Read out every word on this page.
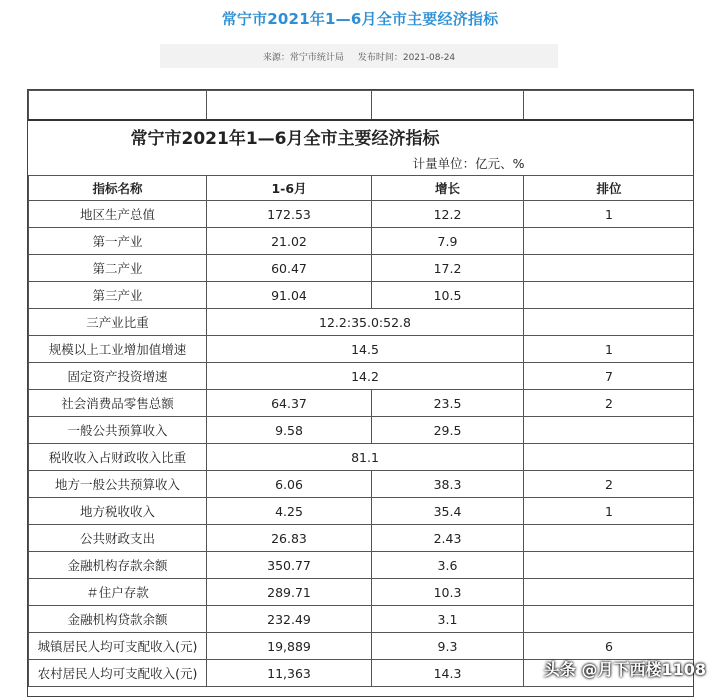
常宁市2021年1—6月全市主要经济指标
来源：常宁市统计局 发布时间：2021-08-24

常宁市2021年1—6月全市主要经济指标			
计量单位：亿元、%			
指标名称	1-6月	增长	排位
地区生产总值	172.53	12.2	1
第一产业	21.02	7.9	
第二产业	60.47	17.2	
第三产业	91.04	10.5	
三产业比重	12.2:35.0:52.8		
规模以上工业增加值增速	14.5		1
固定资产投资增速	14.2		7
社会消费品零售总额	64.37	23.5	2
一般公共预算收入	9.58	29.5	
税收收入占财政收入比重	81.1		
地方一般公共预算收入	6.06	38.3	2
地方税收收入	4.25	35.4	1
公共财政支出	26.83	2.43	
金融机构存款余额	350.77	3.6	
＃住户存款	289.71	10.3	
金融机构贷款余额	232.49	3.1	
城镇居民人均可支配收入(元)	19,889	9.3	6
农村居民人均可支配收入(元)	11,363	14.3		头条 @月下西楼1108
